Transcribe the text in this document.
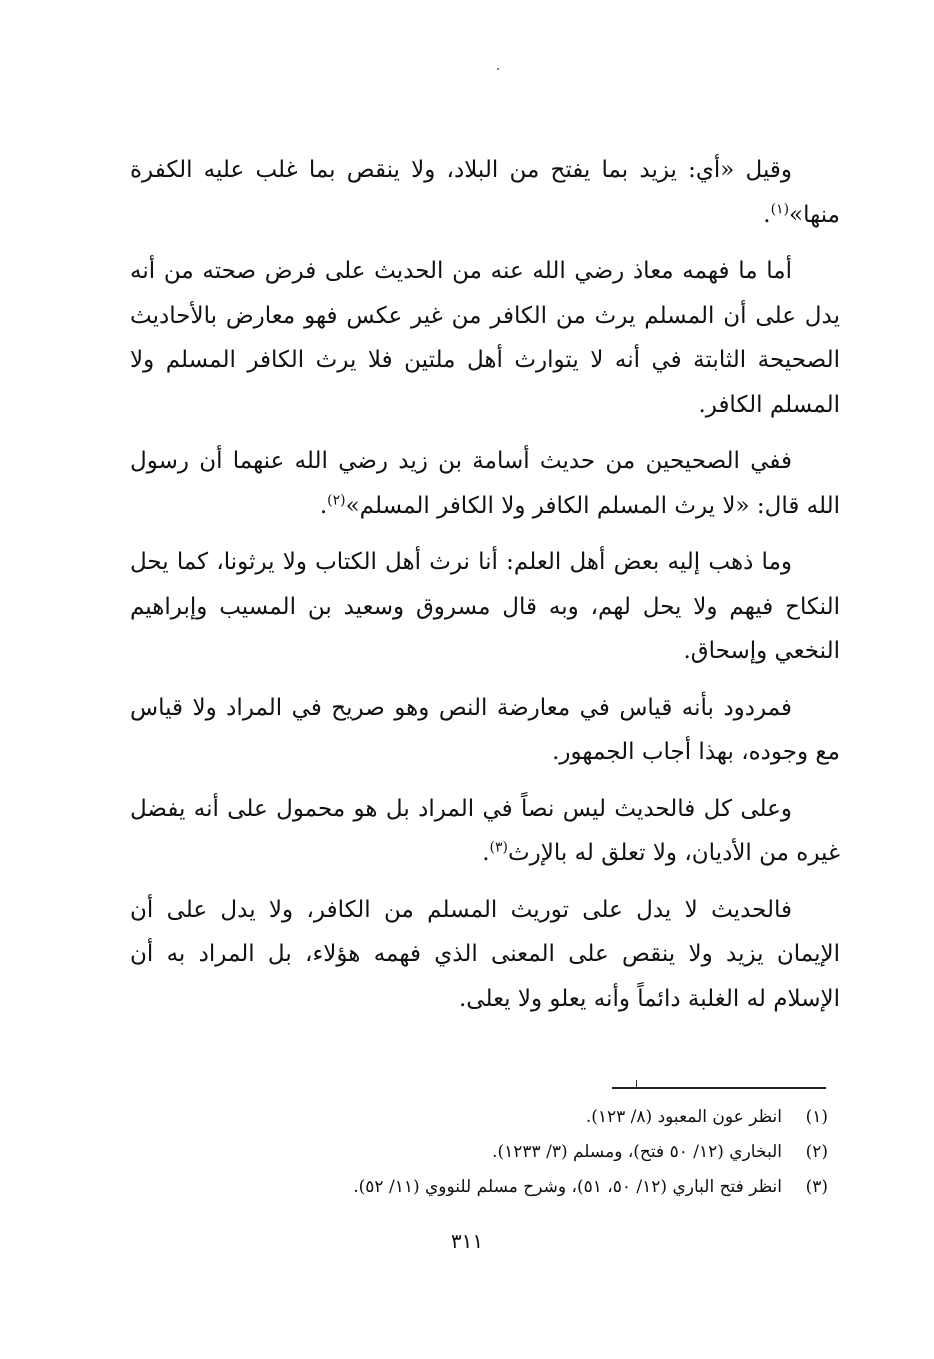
وقيل «أي: يزيد بما يفتح من البلاد، ولا ينقص بما غلب عليه الكفرة منها»$^{(١)}$.

أما ما فهمه معاذ رضي الله عنه من الحديث على فرض صحته من أنه يدل على أن المسلم يرث من الكافر من غير عكس فهو معارض بالأحاديث الصحيحة الثابتة في أنه لا يتوارث أهل ملتين فلا يرث الكافر المسلم ولا المسلم الكافر.

ففي الصحيحين من حديث أسامة بن زيد رضي الله عنهما أن رسول الله قال: «لا يرث المسلم الكافر ولا الكافر المسلم»$^{(٢)}$.

وما ذهب إليه بعض أهل العلم: أنا نرث أهل الكتاب ولا يرثونا، كما يحل النكاح فيهم ولا يحل لهم، وبه قال مسروق وسعيد بن المسيب وإبراهيم النخعي وإسحاق.

فمردود بأنه قياس في معارضة النص وهو صريح في المراد ولا قياس مع وجوده، بهذا أجاب الجمهور.

وعلى كل فالحديث ليس نصاً في المراد بل هو محمول على أنه يفضل غيره من الأديان، ولا تعلق له بالإرث$^{(٣)}$.

فالحديث لا يدل على توريث المسلم من الكافر، ولا يدل على أن الإيمان يزيد ولا ينقص على المعنى الذي فهمه هؤلاء، بل المراد به أن الإسلام له الغلبة دائماً وأنه يعلو ولا يعلى.

(١)انظر عون المعبود (٨/ ١٢٣).
(٢)البخاري (١٢/ ٥٠ فتح)، ومسلم (٣/ ١٢٣٣).
(٣)انظر فتح الباري (١٢/ ٥٠، ٥١)، وشرح مسلم للنووي (١١/ ٥٢).
٣١١
